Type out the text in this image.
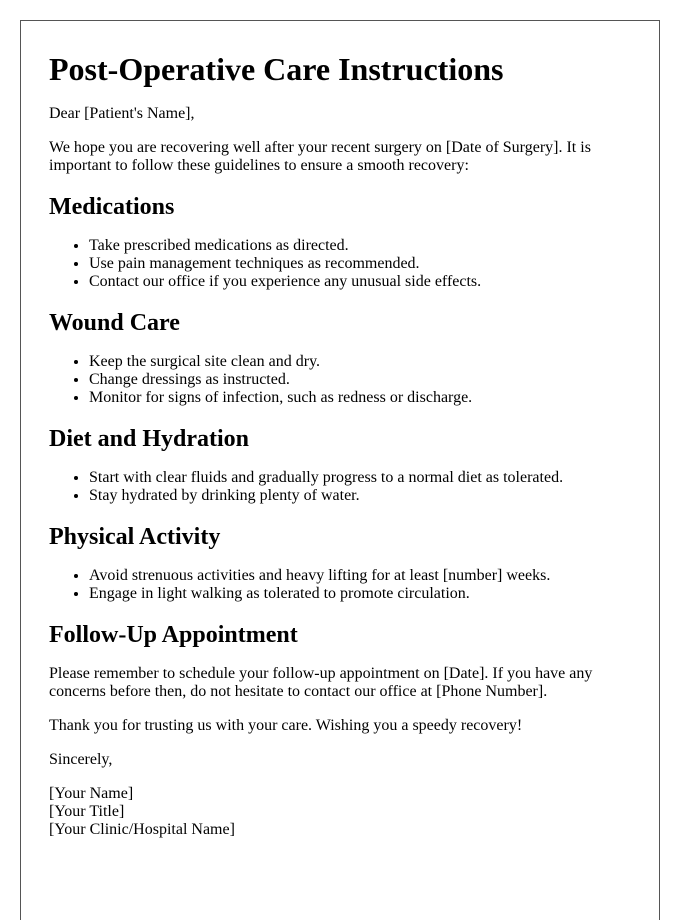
Post-Operative Care Instructions

Dear [Patient's Name],

We hope you are recovering well after your recent surgery on [Date of Surgery]. It is important to follow these guidelines to ensure a smooth recovery:

Medications
• Take prescribed medications as directed.
• Use pain management techniques as recommended.
• Contact our office if you experience any unusual side effects.
Wound Care
• Keep the surgical site clean and dry.
• Change dressings as instructed.
• Monitor for signs of infection, such as redness or discharge.
Diet and Hydration
• Start with clear fluids and gradually progress to a normal diet as tolerated.
• Stay hydrated by drinking plenty of water.
Physical Activity
• Avoid strenuous activities and heavy lifting for at least [number] weeks.
• Engage in light walking as tolerated to promote circulation.
Follow-Up Appointment

Please remember to schedule your follow-up appointment on [Date]. If you have any concerns before then, do not hesitate to contact our office at [Phone Number].

Thank you for trusting us with your care. Wishing you a speedy recovery!

Sincerely,

[Your Name]

[Your Title]

[Your Clinic/Hospital Name]
